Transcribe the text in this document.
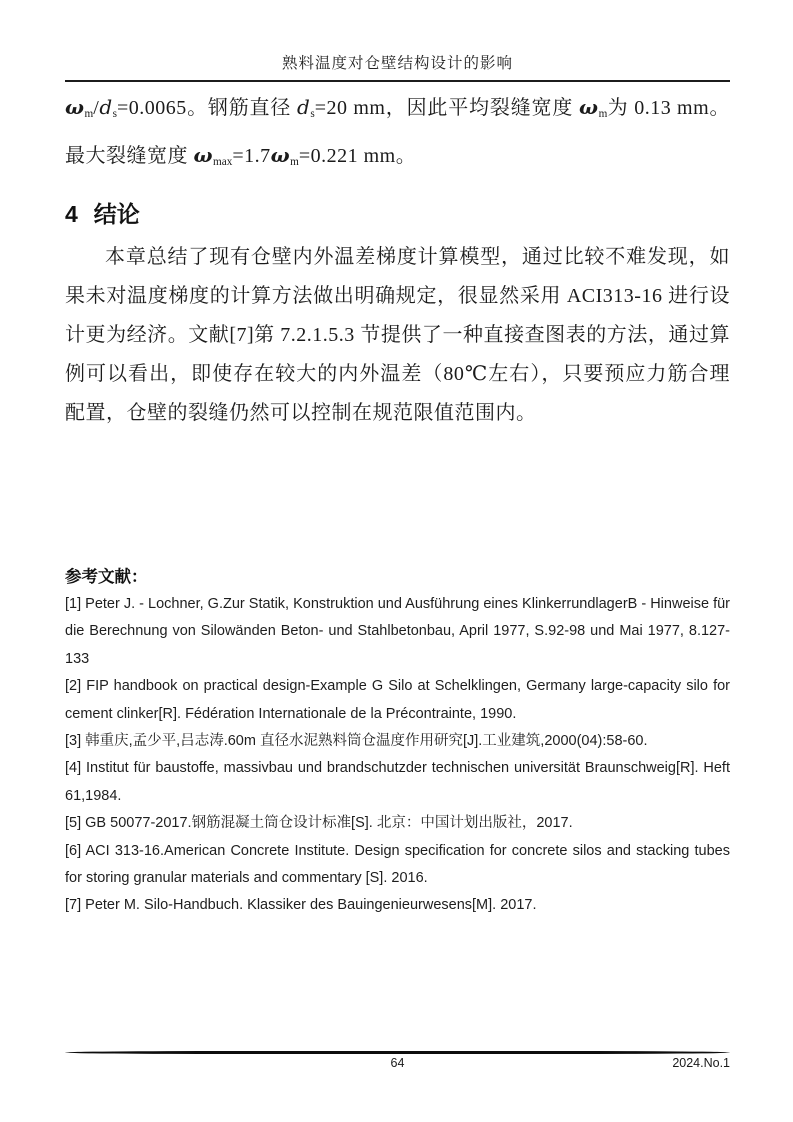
熟料温度对仓壁结构设计的影响

ωm/ds=0.0065。钢筋直径 ds=20 mm，因此平均裂缝宽度 ωm为 0.13 mm。最大裂缝宽度 ωmax=1.7ωm=0.221 mm。

4 结论

本章总结了现有仓壁内外温差梯度计算模型，通过比较不难发现，如果未对温度梯度的计算方法做出明确规定，很显然采用 ACI313-16 进行设计更为经济。文献[7]第 7.2.1.5.3 节提供了一种直接查图表的方法，通过算例可以看出，即使存在较大的内外温差（80℃左右），只要预应力筋合理配置，仓壁的裂缝仍然可以控制在规范限值范围内。

参考文献：

[1] Peter J. - Lochner, G.Zur Statik, Konstruktion und Ausführung eines KlinkerrundlagerB - Hinweise für die Berechnung von Silowänden Beton- und Stahlbetonbau, April 1977, S.92-98 und Mai 1977, 8.127-133

[2] FIP handbook on practical design-Example G Silo at Schelklingen, Germany large-capacity silo for cement clinker[R]. Fédération Internationale de la Précontrainte, 1990.

[3] 韩重庆,孟少平,吕志涛.60m 直径水泥熟料筒仓温度作用研究[J].工业建筑,2000(04):58-60.

[4] Institut für baustoffe, massivbau und brandschutzder technischen universität Braunschweig[R]. Heft 61,1984.

[5] GB 50077-2017.钢筋混凝土筒仓设计标准[S]. 北京：中国计划出版社，2017.

[6] ACI 313-16.American Concrete Institute. Design specification for concrete silos and stacking tubes for storing granular materials and commentary [S]. 2016.

[7] Peter M. Silo-Handbuch. Klassiker des Bauingenieurwesens[M]. 2017.

64	2024.No.1
